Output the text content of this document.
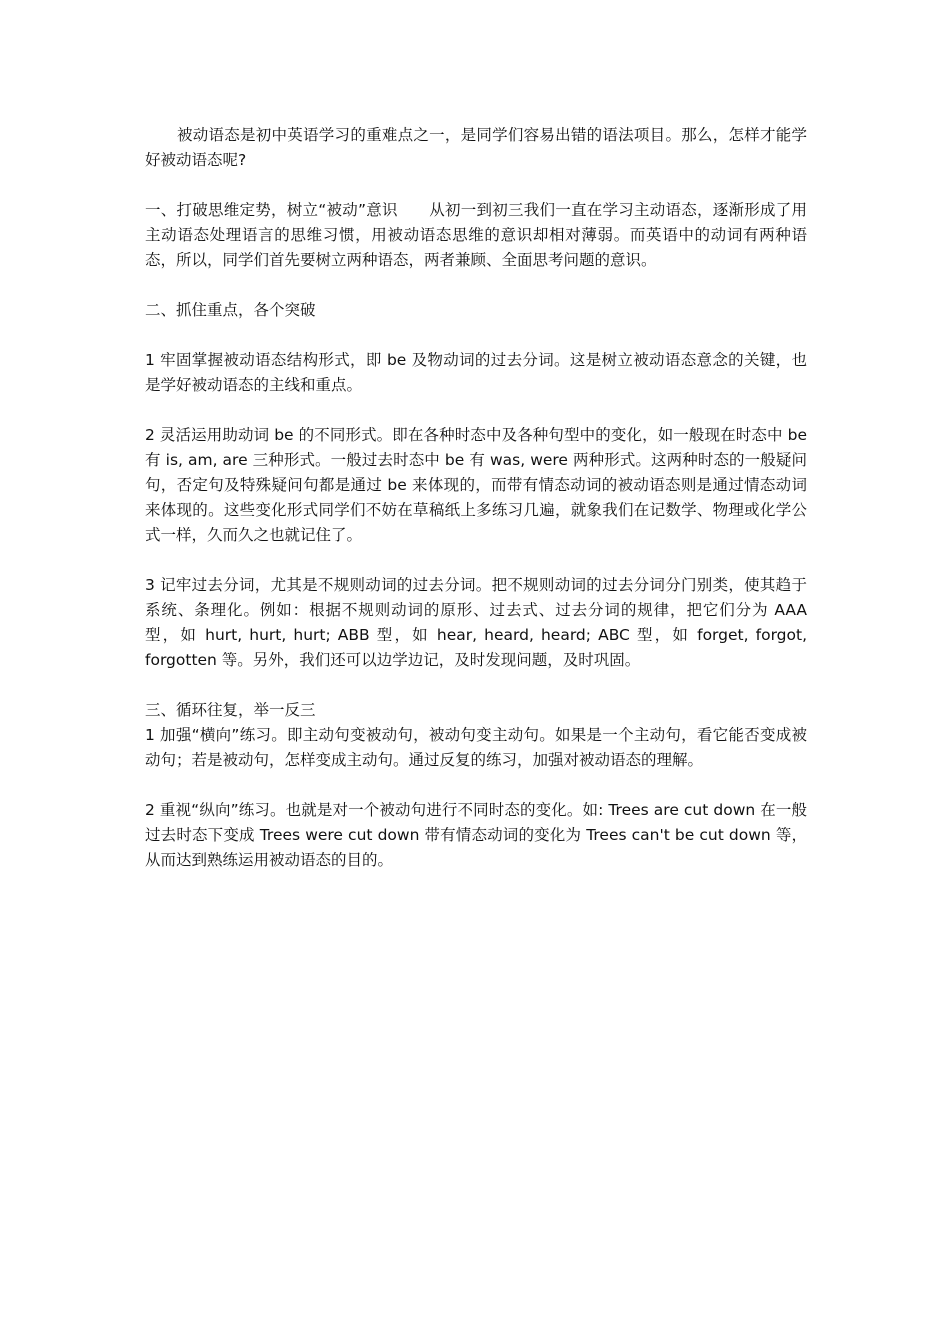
被动语态是初中英语学习的重难点之一，是同学们容易出错的语法项目。那么，怎样才能学好被动语态呢?

一、打破思维定势，树立“被动”意识　　从初一到初三我们一直在学习主动语态，逐渐形成了用主动语态处理语言的思维习惯，用被动语态思维的意识却相对薄弱。而英语中的动词有两种语态，所以，同学们首先要树立两种语态，两者兼顾、全面思考问题的意识。

二、抓住重点，各个突破

1 牢固掌握被动语态结构形式，即 be 及物动词的过去分词。这是树立被动语态意念的关键，也是学好被动语态的主线和重点。

2 灵活运用助动词 be 的不同形式。即在各种时态中及各种句型中的变化，如一般现在时态中 be 有 is, am, are 三种形式。一般过去时态中 be 有 was, were 两种形式。这两种时态的一般疑问句，否定句及特殊疑问句都是通过 be 来体现的，而带有情态动词的被动语态则是通过情态动词来体现的。这些变化形式同学们不妨在草稿纸上多练习几遍，就象我们在记数学、物理或化学公式一样，久而久之也就记住了。

3 记牢过去分词，尤其是不规则动词的过去分词。把不规则动词的过去分词分门别类，使其趋于系统、条理化。例如：根据不规则动词的原形、过去式、过去分词的规律，把它们分为 AAA 型，如 hurt, hurt, hurt; ABB 型，如 hear, heard, heard; ABC 型，如 forget, forgot, forgotten 等。另外，我们还可以边学边记，及时发现问题，及时巩固。

三、循环往复，举一反三

1 加强“横向”练习。即主动句变被动句，被动句变主动句。如果是一个主动句，看它能否变成被动句；若是被动句，怎样变成主动句。通过反复的练习，加强对被动语态的理解。

2 重视“纵向”练习。也就是对一个被动句进行不同时态的变化。如: Trees are cut down 在一般过去时态下变成 Trees were cut down 带有情态动词的变化为 Trees can't be cut down 等，从而达到熟练运用被动语态的目的。
